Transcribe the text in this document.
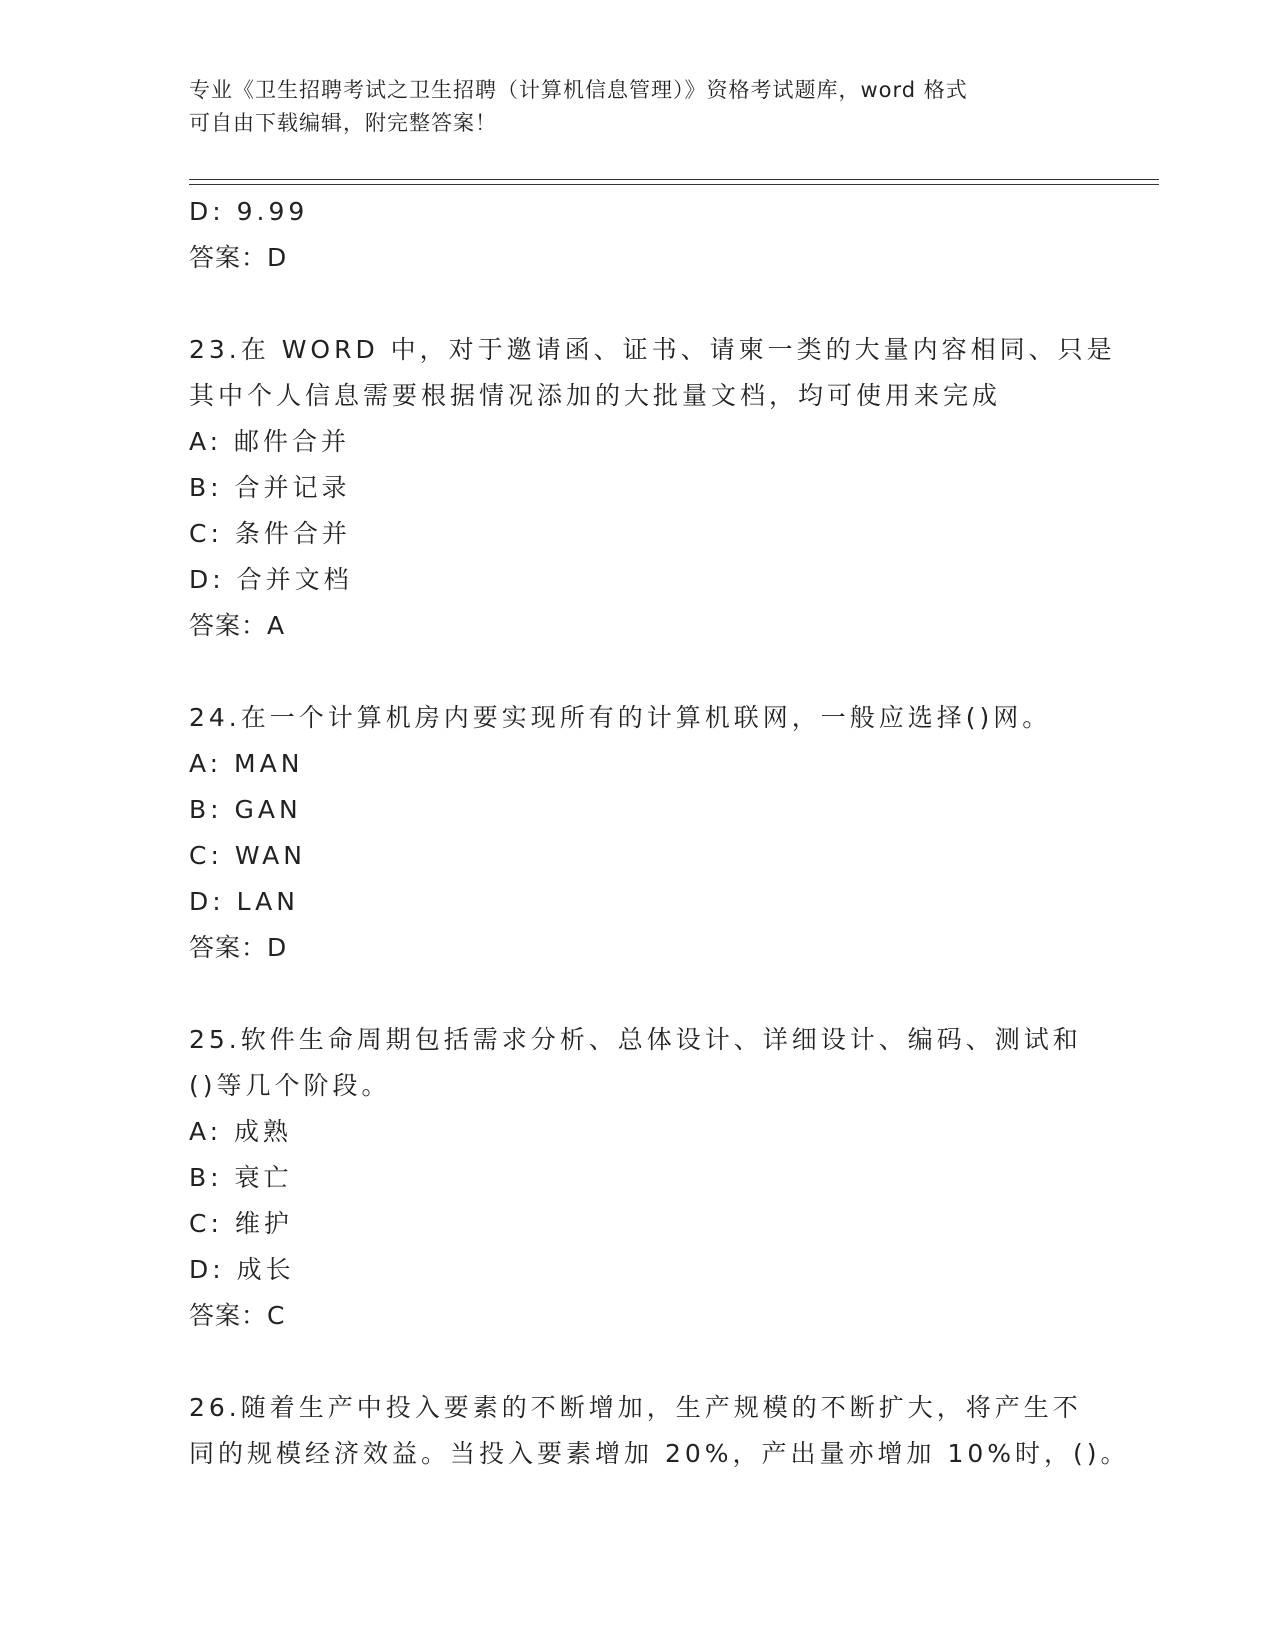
专业《卫生招聘考试之卫生招聘（计算机信息管理）》资格考试题库，word 格式
可自由下载编辑，附完整答案！
D: 9.99
答案：D
23.在 WORD 中，对于邀请函、证书、请柬一类的大量内容相同、只是
其中个人信息需要根据情况添加的大批量文档，均可使用来完成
A: 邮件合并
B: 合并记录
C: 条件合并
D: 合并文档
答案：A
24.在一个计算机房内要实现所有的计算机联网，一般应选择()网。
A: MAN
B: GAN
C: WAN
D: LAN
答案：D
25.软件生命周期包括需求分析、总体设计、详细设计、编码、测试和
()等几个阶段。
A: 成熟
B: 衰亡
C: 维护
D: 成长
答案：C
26.随着生产中投入要素的不断增加，生产规模的不断扩大，将产生不
同的规模经济效益。当投入要素增加 20%，产出量亦增加 10%时，()。
